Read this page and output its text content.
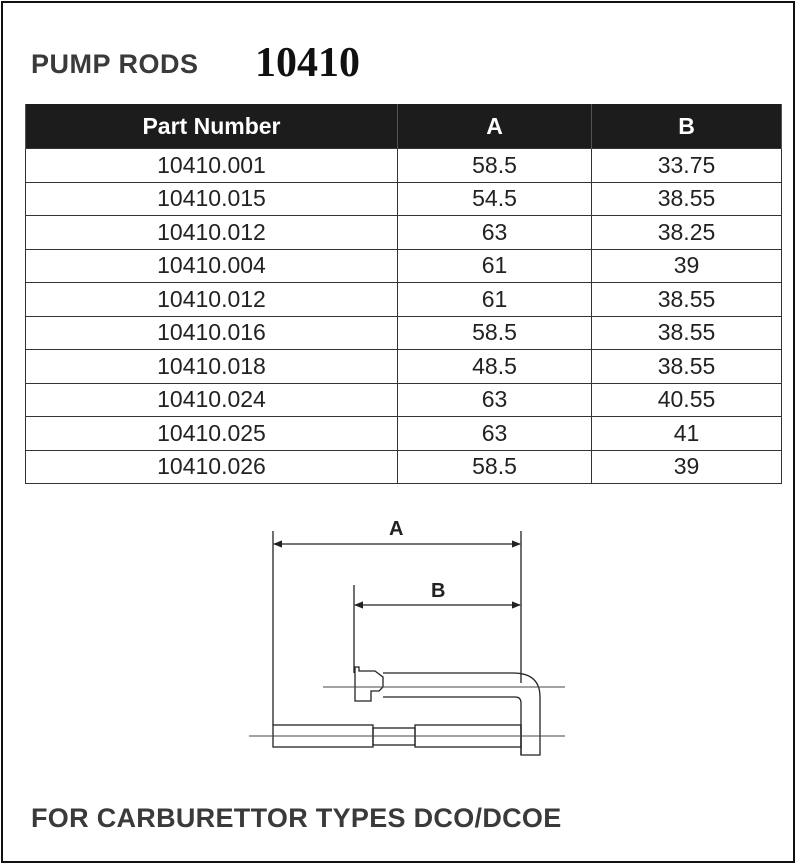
PUMP RODS 10410
Part Number	A	B
10410.001	58.5	33.75
10410.015	54.5	38.55
10410.012	63	38.25
10410.004	61	39
10410.012	61	38.55
10410.016	58.5	38.55
10410.018	48.5	38.55
10410.024	63	40.55
10410.025	63	41
10410.026	58.5	39
A
B
FOR CARBURETTOR TYPES DCO/DCOE
